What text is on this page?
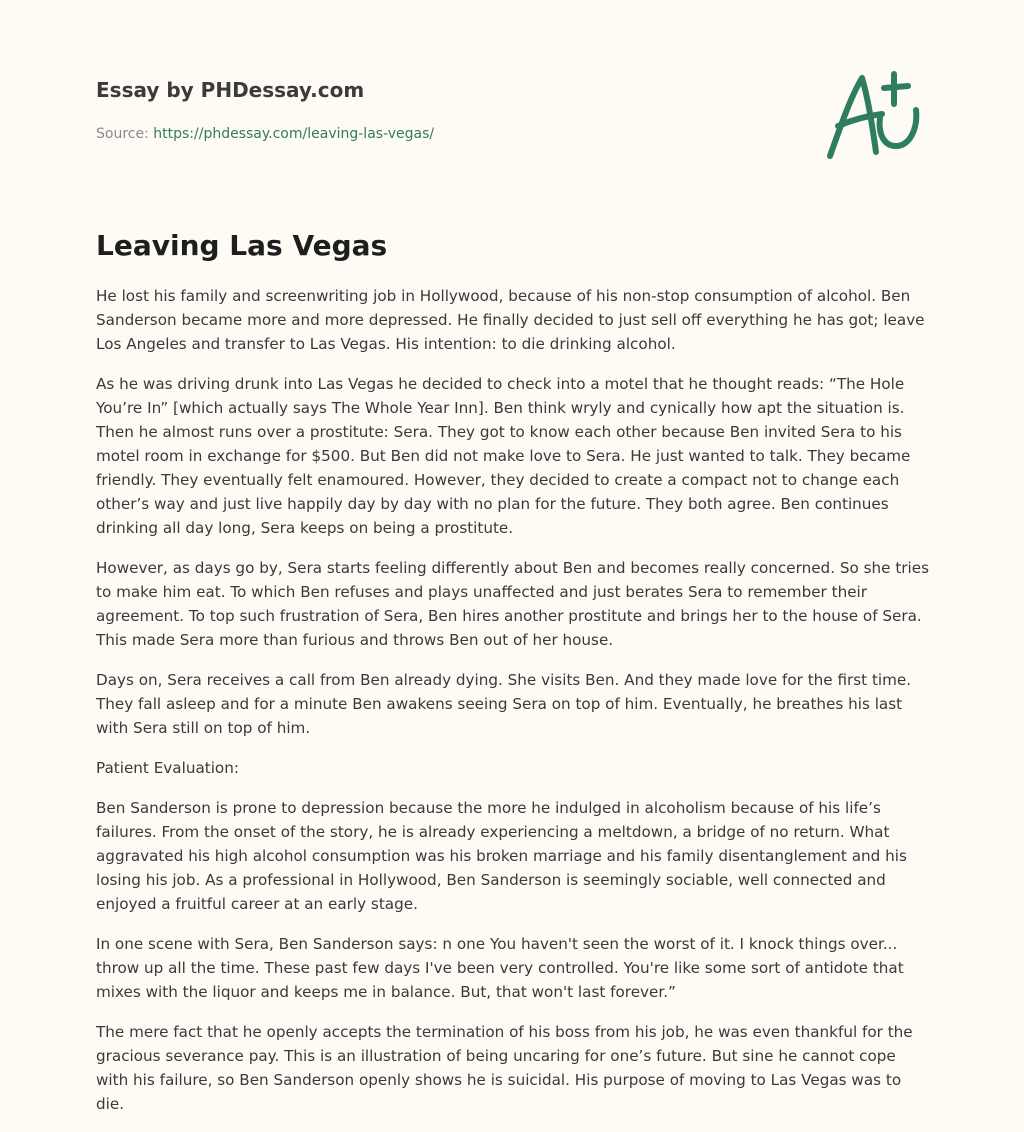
Essay by PHDessay.com
Source: https://phdessay.com/leaving-las-vegas/
Leaving Las Vegas

He lost his family and screenwriting job in Hollywood, because of his non-stop consumption of alcohol. Ben Sanderson became more and more depressed. He finally decided to just sell off everything he has got; leave Los Angeles and transfer to Las Vegas. His intention: to die drinking alcohol.

As he was driving drunk into Las Vegas he decided to check into a motel that he thought reads: “The Hole You’re In” [which actually says The Whole Year Inn]. Ben think wryly and cynically how apt the situation is. Then he almost runs over a prostitute: Sera. They got to know each other because Ben invited Sera to his motel room in exchange for $500. But Ben did not make love to Sera. He just wanted to talk. They became friendly. They eventually felt enamoured. However, they decided to create a compact not to change each other’s way and just live happily day by day with no plan for the future. They both agree. Ben continues drinking all day long, Sera keeps on being a prostitute.

However, as days go by, Sera starts feeling differently about Ben and becomes really concerned. So she tries to make him eat. To which Ben refuses and plays unaffected and just berates Sera to remember their agreement. To top such frustration of Sera, Ben hires another prostitute and brings her to the house of Sera. This made Sera more than furious and throws Ben out of her house.

Days on, Sera receives a call from Ben already dying. She visits Ben. And they made love for the first time. They fall asleep and for a minute Ben awakens seeing Sera on top of him. Eventually, he breathes his last with Sera still on top of him.

Patient Evaluation:

Ben Sanderson is prone to depression because the more he indulged in alcoholism because of his life’s failures. From the onset of the story, he is already experiencing a meltdown, a bridge of no return. What aggravated his high alcohol consumption was his broken marriage and his family disentanglement and his losing his job. As a professional in Hollywood, Ben Sanderson is seemingly sociable, well connected and enjoyed a fruitful career at an early stage.

In one scene with Sera, Ben Sanderson says: n one You haven't seen the worst of it. I knock things over... throw up all the time. These past few days I've been very controlled. You're like some sort of antidote that mixes with the liquor and keeps me in balance. But, that won't last forever.”

The mere fact that he openly accepts the termination of his boss from his job, he was even thankful for the gracious severance pay. This is an illustration of being uncaring for one’s future. But sine he cannot cope with his failure, so Ben Sanderson openly shows he is suicidal. His purpose of moving to Las Vegas was to die.
